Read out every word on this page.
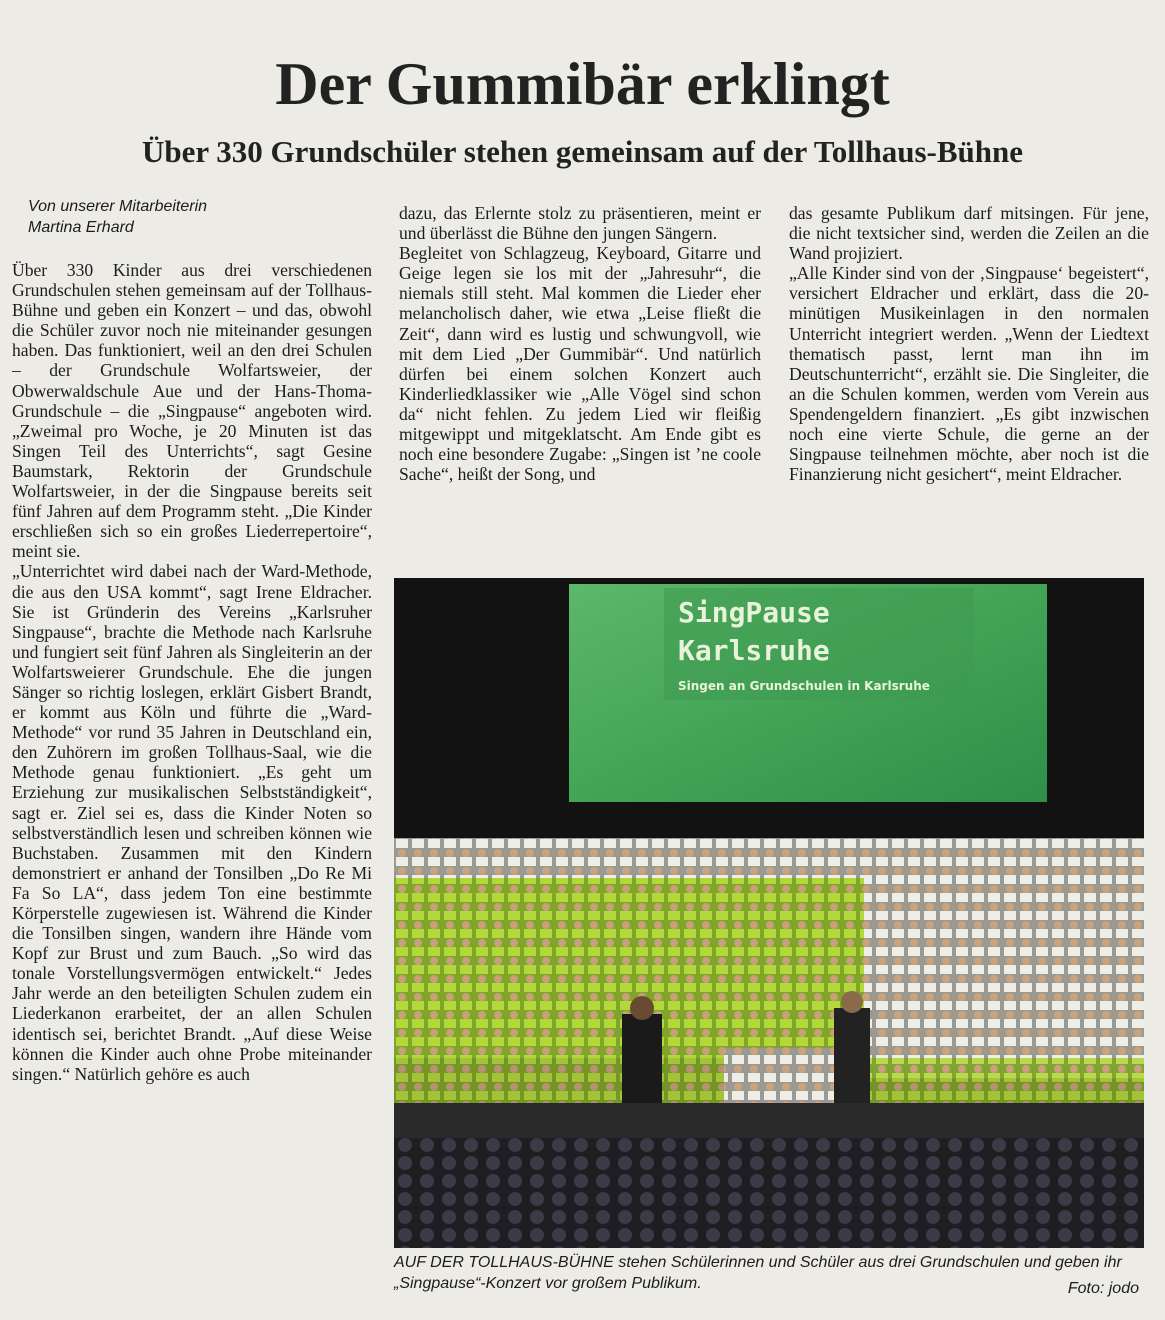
Der Gummibär erklingt
Über 330 Grundschüler stehen gemeinsam auf der Tollhaus-Bühne
Von unserer Mitarbeiterin
Martina Erhard

Über 330 Kinder aus drei verschiedenen Grundschulen stehen gemeinsam auf der Tollhaus-Bühne und geben ein Konzert – und das, obwohl die Schüler zuvor noch nie miteinander gesungen haben. Das funktioniert, weil an den drei Schulen – der Grundschule Wolfartsweier, der Obwerwaldschule Aue und der Hans-Thoma-Grundschule – die „Singpause“ angeboten wird. „Zweimal pro Woche, je 20 Minuten ist das Singen Teil des Unterrichts“, sagt Gesine Baumstark, Rektorin der Grundschule Wolfartsweier, in der die Singpause bereits seit fünf Jahren auf dem Programm steht. „Die Kinder erschließen sich so ein großes Liederrepertoire“, meint sie.

„Unterrichtet wird dabei nach der Ward-Methode, die aus den USA kommt“, sagt Irene Eldracher. Sie ist Gründerin des Vereins „Karlsruher Singpause“, brachte die Methode nach Karlsruhe und fungiert seit fünf Jahren als Singleiterin an der Wolfartsweierer Grundschule. Ehe die jungen Sänger so richtig loslegen, erklärt Gisbert Brandt, er kommt aus Köln und führte die „Ward-Methode“ vor rund 35 Jahren in Deutschland ein, den Zuhörern im großen Tollhaus-Saal, wie die Methode genau funktioniert. „Es geht um Erziehung zur musikalischen Selbstständigkeit“, sagt er. Ziel sei es, dass die Kinder Noten so selbstverständlich lesen und schreiben können wie Buchstaben. Zusammen mit den Kindern demonstriert er anhand der Tonsilben „Do Re Mi Fa So LA“, dass jedem Ton eine bestimmte Körperstelle zugewiesen ist. Während die Kinder die Tonsilben singen, wandern ihre Hände vom Kopf zur Brust und zum Bauch. „So wird das tonale Vorstellungsvermögen entwickelt.“ Jedes Jahr werde an den beteiligten Schulen zudem ein Liederkanon erarbeitet, der an allen Schulen identisch sei, berichtet Brandt. „Auf diese Weise können die Kinder auch ohne Probe miteinander singen.“ Natürlich gehöre es auch

dazu, das Erlernte stolz zu präsentieren, meint er und überlässt die Bühne den jungen Sängern.

Begleitet von Schlagzeug, Keyboard, Gitarre und Geige legen sie los mit der „Jahresuhr“, die niemals still steht. Mal kommen die Lieder eher melancholisch daher, wie etwa „Leise fließt die Zeit“, dann wird es lustig und schwungvoll, wie mit dem Lied „Der Gummibär“. Und natürlich dürfen bei einem solchen Konzert auch Kinderliedklassiker wie „Alle Vögel sind schon da“ nicht fehlen. Zu jedem Lied wir fleißig mitgewippt und mitgeklatscht. Am Ende gibt es noch eine besondere Zugabe: „Singen ist ’ne coole Sache“, heißt der Song, und

das gesamte Publikum darf mitsingen. Für jene, die nicht textsicher sind, werden die Zeilen an die Wand projiziert.

„Alle Kinder sind von der ‚Singpause‘ begeistert“, versichert Eldracher und erklärt, dass die 20-minütigen Musikeinlagen in den normalen Unterricht integriert werden. „Wenn der Liedtext thematisch passt, lernt man ihn im Deutschunterricht“, erzählt sie. Die Singleiter, die an die Schulen kommen, werden vom Verein aus Spendengeldern finanziert. „Es gibt inzwischen noch eine vierte Schule, die gerne an der Singpause teilnehmen möchte, aber noch ist die Finanzierung nicht gesichert“, meint Eldracher.

SingPause
Karlsruhe
Singen an Grundschulen in Karlsruhe
AUF DER TOLLHAUS-BÜHNE stehen Schülerinnen und Schüler aus drei Grundschulen und geben ihr „Singpause“-Konzert vor großem Publikum.	Foto: jodo
